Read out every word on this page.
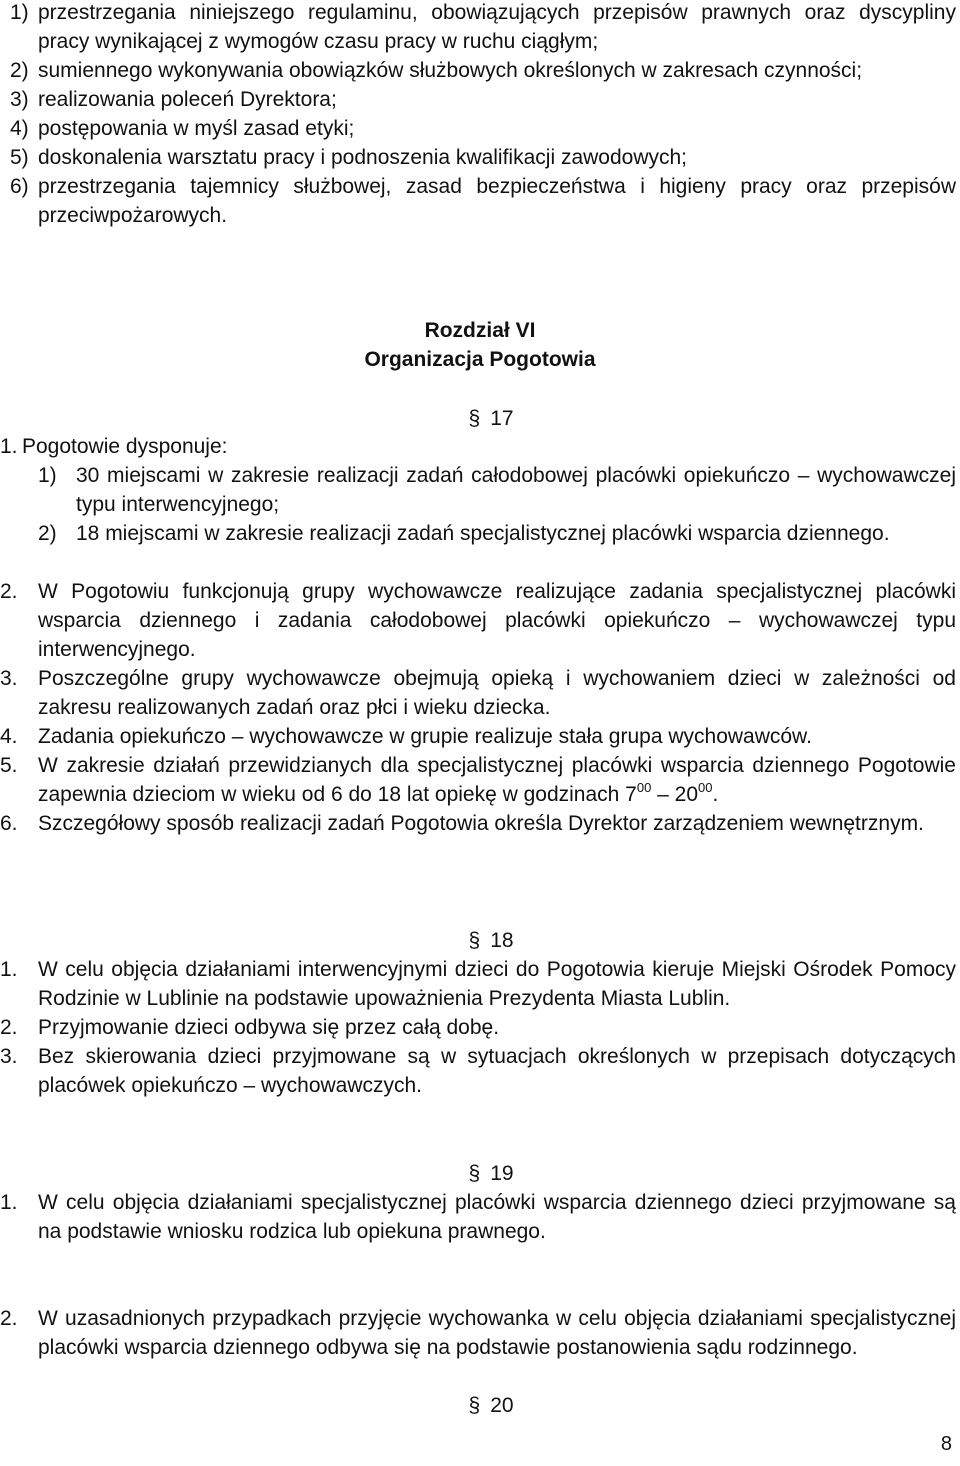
1) przestrzegania niniejszego regulaminu, obowiązujących przepisów prawnych oraz dyscypliny pracy wynikającej z wymogów czasu pracy w ruchu ciągłym;
2) sumiennego wykonywania obowiązków służbowych określonych w zakresach czynności;
3) realizowania poleceń Dyrektora;
4) postępowania w myśl zasad etyki;
5) doskonalenia warsztatu pracy i podnoszenia kwalifikacji zawodowych;
6) przestrzegania tajemnicy służbowej, zasad bezpieczeństwa i higieny pracy oraz przepisów przeciwpożarowych.
Rozdział VI
Organizacja Pogotowia
§ 17
1. Pogotowie dysponuje:
1) 30 miejscami w zakresie realizacji zadań całodobowej placówki opiekuńczo – wychowawczej typu interwencyjnego;
2) 18 miejscami w zakresie realizacji zadań specjalistycznej placówki wsparcia dziennego.
2. W Pogotowiu funkcjonują grupy wychowawcze realizujące zadania specjalistycznej placówki wsparcia dziennego i zadania całodobowej placówki opiekuńczo – wychowawczej typu interwencyjnego.
3. Poszczególne grupy wychowawcze obejmują opieką i wychowaniem dzieci w zależności od zakresu realizowanych zadań oraz płci i wieku dziecka.
4. Zadania opiekuńczo – wychowawcze w grupie realizuje stała grupa wychowawców.
5. W zakresie działań przewidzianych dla specjalistycznej placówki wsparcia dziennego Pogotowie zapewnia dzieciom w wieku od 6 do 18 lat opiekę w godzinach $7^{00} - 20^{00}$.
6. Szczegółowy sposób realizacji zadań Pogotowia określa Dyrektor zarządzeniem wewnętrznym.
§ 18
1. W celu objęcia działaniami interwencyjnymi dzieci do Pogotowia kieruje Miejski Ośrodek Pomocy Rodzinie w Lublinie na podstawie upoważnienia Prezydenta Miasta Lublin.
2. Przyjmowanie dzieci odbywa się przez całą dobę.
3. Bez skierowania dzieci przyjmowane są w sytuacjach określonych w przepisach dotyczących placówek opiekuńczo – wychowawczych.
§ 19
1. W celu objęcia działaniami specjalistycznej placówki wsparcia dziennego dzieci przyjmowane są na podstawie wniosku rodzica lub opiekuna prawnego.
2. W uzasadnionych przypadkach przyjęcie wychowanka w celu objęcia działaniami specjalistycznej placówki wsparcia dziennego odbywa się na podstawie postanowienia sądu rodzinnego.
§ 20
8
